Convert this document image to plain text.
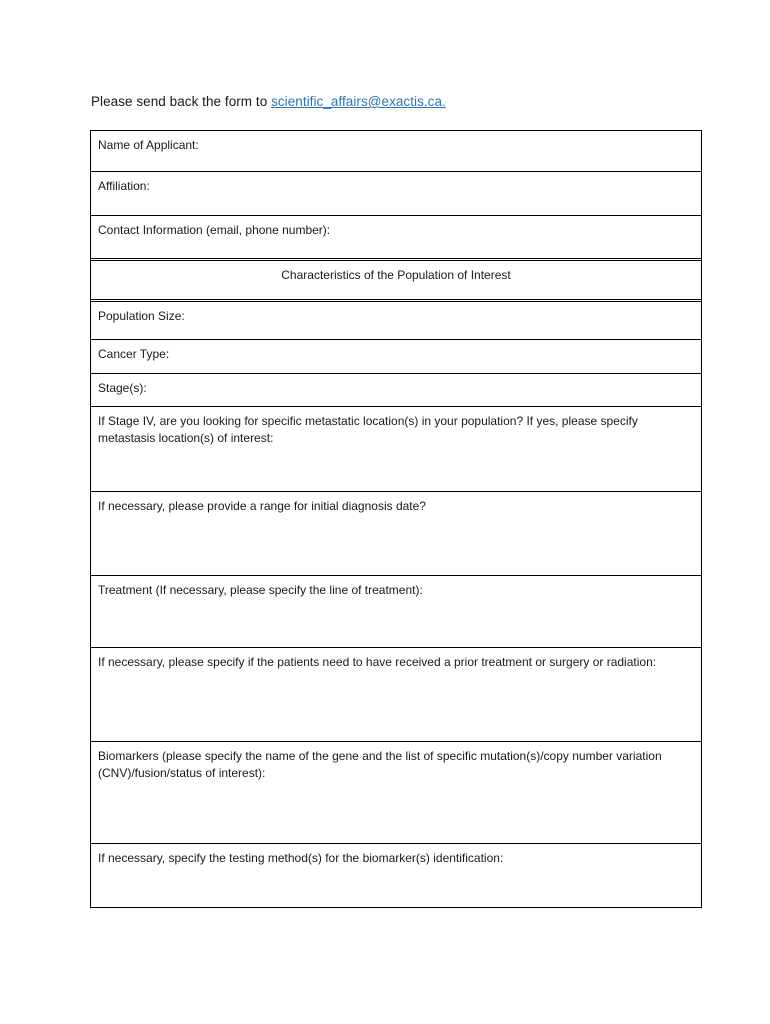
Please send back the form to scientific_affairs@exactis.ca.
Name of Applicant:
Affiliation:
Contact Information (email, phone number):
Characteristics of the Population of Interest
Population Size:
Cancer Type:
Stage(s):
If Stage IV, are you looking for specific metastatic location(s) in your population? If yes, please specify metastasis location(s) of interest:
If necessary, please provide a range for initial diagnosis date?
Treatment (If necessary, please specify the line of treatment):
If necessary, please specify if the patients need to have received a prior treatment or surgery or radiation:
Biomarkers (please specify the name of the gene and the list of specific mutation(s)/copy number variation (CNV)/fusion/status of interest):
If necessary, specify the testing method(s) for the biomarker(s) identification:
